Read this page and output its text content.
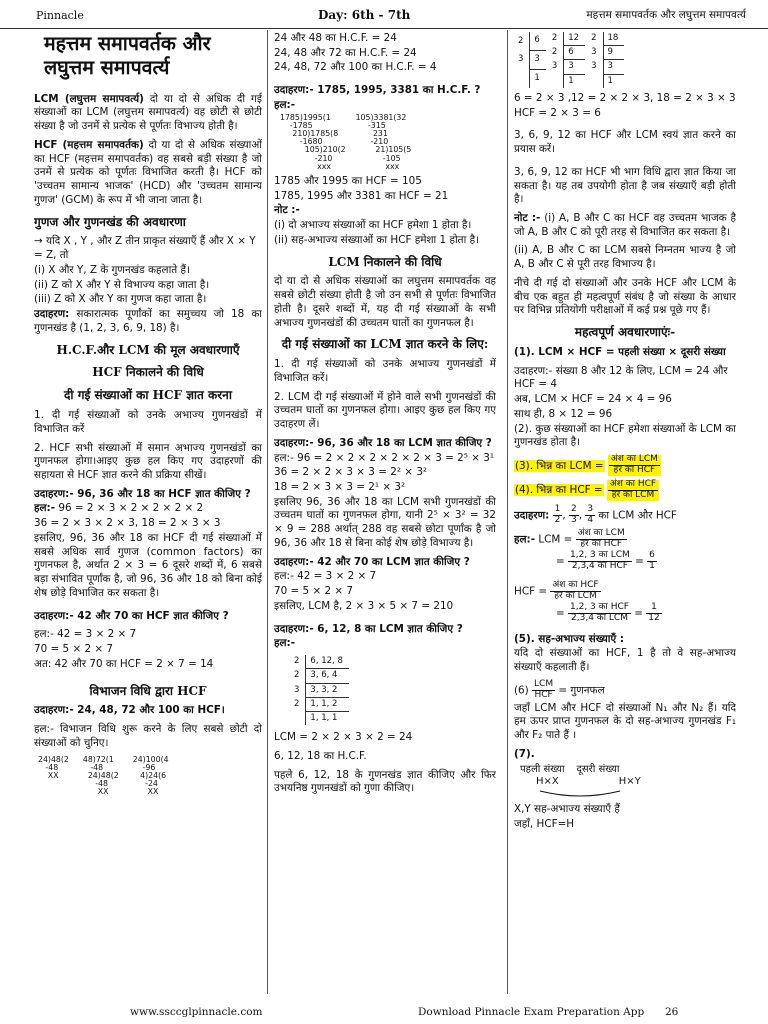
Pinnacle	Day: 6th - 7th	महत्तम समापवर्तक और लघुत्तम समापवर्त्य
महत्तम समापवर्तक और
लघुत्तम समापवर्त्य

LCM (लघुत्तम समापवर्त्य) दो या दो से अधिक दी गई संख्याओं का LCM (लघुत्तम समापवर्त्य) वह छोटी से छोटी संख्या है जो उनमें से प्रत्येक से पूर्णतः विभाज्य होती है।

HCF (महत्तम समापवर्तक) दो या दो से अधिक संख्याओं का HCF (महत्तम समापवर्तक) वह सबसे बड़ी संख्या है जो उनमें से प्रत्येक को पूर्णतः विभाजित करती है। HCF को 'उच्चतम सामान्य भाजक' (HCD) और 'उच्चतम सामान्य गुणज' (GCM) के रूप में भी जाना जाता है।

गुणज और गुणनखंड की अवधारणा
→ यदि X , Y , और Z तीन प्राकृत संख्याएँ हैं और X × Y = Z, तो
(i) X और Y, Z के गुणनखंड कहलाते हैं।
(ii) Z को X और Y से विभाज्य कहा जाता है।
(iii) Z को X और Y का गुणज कहा जाता है।

उदाहरण: सकारात्मक पूर्णांकों का समुच्चय जो 18 का गुणनखंड है (1, 2, 3, 6, 9, 18) है।

H.C.F.और LCM की मूल अवधारणाएँ
HCF निकालने की विधि
दी गई संख्याओं का HCF ज्ञात करना

1. दी गई संख्याओं को उनके अभाज्य गुणनखंडों में विभाजित करें

2. HCF सभी संख्याओं में समान अभाज्य गुणनखंडों का गुणनफल होगा।आइए कुछ हल किए गए उदाहरणों की सहायता से HCF ज्ञात करने की प्रक्रिया सीखें।

उदाहरण:- 96, 36 और 18 का HCF ज्ञात कीजिए ?
हल:- 96 = 2 × 3 × 2 × 2 × 2 × 2
36 = 2 × 3 × 2 × 3, 18 = 2 × 3 × 3

इसलिए, 96, 36 और 18 का HCF दी गई संख्याओं में सबसे अधिक सार्व गुणज (common factors) का गुणनफल है, अर्थात 2 × 3 = 6 दूसरे शब्दों में, 6 सबसे बड़ा संभावित पूर्णांक है, जो 96, 36 और 18 को बिना कोई शेष छोड़े विभाजित कर सकता है।

उदाहरण:- 42 और 70 का HCF ज्ञात कीजिए ?
हल:- 42 = 3 × 2 × 7
70 = 5 × 2 × 7
अत: 42 और 70 का HCF = 2 × 7 = 14
विभाजन विधि द्वारा HCF
उदाहरण:- 24, 48, 72 और 100 का HCF।

हल:- विभाजन विधि शुरू करने के लिए सबसे छोटी दो संख्याओं को चुनिए।

24)48(2
-48
XX
48)72(1
-48
24)48(2
-48
XX
24)100(4
-96
4)24(6
-24
XX
24 और 48 का H.C.F. = 24
24, 48 और 72 का H.C.F. = 24
24, 48, 72 और 100 का H.C.F. = 4
उदाहरण:- 1785, 1995, 3381 का H.C.F. ?
हल:-
1785)1995(1
-1785
210)1785(8
-1680
105)210(2
-210
xxx
105)3381(32
-315
231
-210
21)105(5
-105
xxx
1785 और 1995 का HCF = 105
1785, 1995 और 3381 का HCF = 21
नोट :-
(i) दो अभाज्य संख्याओं का HCF हमेशा 1 होता है।
(ii) सह-अभाज्य संख्याओं का HCF हमेशा 1 होता है।
LCM निकालने की विधि

दो या दो से अधिक संख्याओं का लघुत्तम समापवर्तक वह सबसे छोटी संख्या होती है जो उन सभी से पूर्णतः विभाजित होती है। दूसरे शब्दों में, यह दी गई संख्याओं के सभी अभाज्य गुणनखंडों की उच्चतम घातों का गुणनफल है।

दी गई संख्याओं का LCM ज्ञात करने के लिए:

1. दी गई संख्याओं को उनके अभाज्य गुणनखंडों में विभाजित करें।

2. LCM दी गई संख्याओं में होने वाले सभी गुणनखंडों की उच्चतम घातों का गुणनफल होगा। आइए कुछ हल किए गए उदाहरण लें।

उदाहरण:- 96, 36 और 18 का LCM ज्ञात कीजिए ?
हल:- 96 = 2 × 2 × 2 × 2 × 2 × 3 = 2⁵ × 3¹
36 = 2 × 2 × 3 × 3 = 2² × 3²
18 = 2 × 3 × 3 = 2¹ × 3²

इसलिए 96, 36 और 18 का LCM सभी गुणनखंडों की उच्चतम घातों का गुणनफल होगा, यानी 2⁵ × 3² = 32 × 9 = 288 अर्थात् 288 वह सबसे छोटा पूर्णांक है जो 96, 36 और 18 से बिना कोई शेष छोड़े विभाज्य है।

उदाहरण:- 42 और 70 का LCM ज्ञात कीजिए ?
हल:- 42 = 3 × 2 × 7
70 = 5 × 2 × 7
इसलिए, LCM है, 2 × 3 × 5 × 7 = 210
उदाहरण:- 6, 12, 8 का LCM ज्ञात कीजिए ?
हल:-
2	6, 12, 8
2	3, 6, 4
3	3, 3, 2
2	1, 1, 2
	1, 1, 1
LCM = 2 × 2 × 3 × 2 = 24
6, 12, 18 का H.C.F.

पहले 6, 12, 18 के गुणनखंड ज्ञात कीजिए और फिर उभयनिष्ठ गुणनखंडों को गुणा कीजिए।

2	6
3	3
	1
2	12
2	6
3	3
	1
2	18
3	9
3	3
	1
6 = 2 × 3 ,12 = 2 × 2 × 3, 18 = 2 × 3 × 3
HCF = 2 × 3 = 6

3, 6, 9, 12 का HCF और LCM स्वयं ज्ञात करने का प्रयास करें।

3, 6, 9, 12 का HCF भी भाग विधि द्वारा ज्ञात किया जा सकता है। यह तब उपयोगी होता है जब संख्याएँ बड़ी होती है।

नोट :- (i) A, B और C का HCF वह उच्चतम भाजक है जो A, B और C को पूरी तरह से विभाजित कर सकता है।

(ii) A, B और C का LCM सबसे निम्नतम भाज्य है जो A, B और C से पूरी तरह विभाज्य है।

नीचे दी गई दो संख्याओं और उनके HCF और LCM के बीच एक बहुत ही महत्वपूर्ण संबंध है जो संख्या के आधार पर विभिन्न प्रतियोगी परीक्षाओं में कई प्रश्न पूछे गए हैं।

महत्वपूर्ण अवधारणाएंः-
(1). LCM × HCF = पहली संख्या × दूसरी संख्या
उदाहरण:- संख्या 8 और 12 के लिए, LCM = 24 और HCF = 4
अब, LCM × HCF = 24 × 4 = 96
साथ ही, 8 × 12 = 96

(2). कुछ संख्याओं का HCF हमेशा संख्याओं के LCM का गुणनखंड होता है।

(3). भिन्न का LCM = $\frac{\text{अंश का LCM}}{\text{हर का HCF}}$
(4). भिन्न का HCF = $\frac{\text{अंश का HCF}}{\text{हर का LCM}}$
उदाहरण: $\frac{1}{2}$ , $\frac{2}{3}$ , $\frac{3}{4}$ का LCM और HCF
हल:- LCM = $\frac{\text{अंश का LCM}}{\text{हर का HCF}}$
= $\frac{\text{1,2, 3 का LCM}}{\text{2,3,4 का HCF}} = \frac{6}{1}$
HCF = $\frac{\text{अंश का HCF}}{\text{हर का LCM}}$
= $\frac{\text{1,2, 3 का HCF}}{\text{2,3,4 का LCM}} = \frac{1}{12}$
(5). सह-अभाज्य संख्याएँ :

यदि दो संख्याओं का HCF, 1 है तो वे सह-अभाज्य संख्याएँ कहलाती हैं।

$(6) \frac{\text{LCM}}{\text{HCF}}$ = गुणनफल

जहाँ LCM और HCF दो संख्याओं N₁ और N₂ हैं। यदि हम ऊपर प्राप्त गुणनफल के दो सह-अभाज्य गुणनखंड F₁ और F₂ पाते हैं ।

(7).
पहली संख्या दूसरी संख्या
H×X	H×Y
X,Y सह-अभाज्य संख्याएँ हैं
जहाँ, HCF=H
www.ssccglpinnacle.com	Download Pinnacle Exam Preparation App 26
